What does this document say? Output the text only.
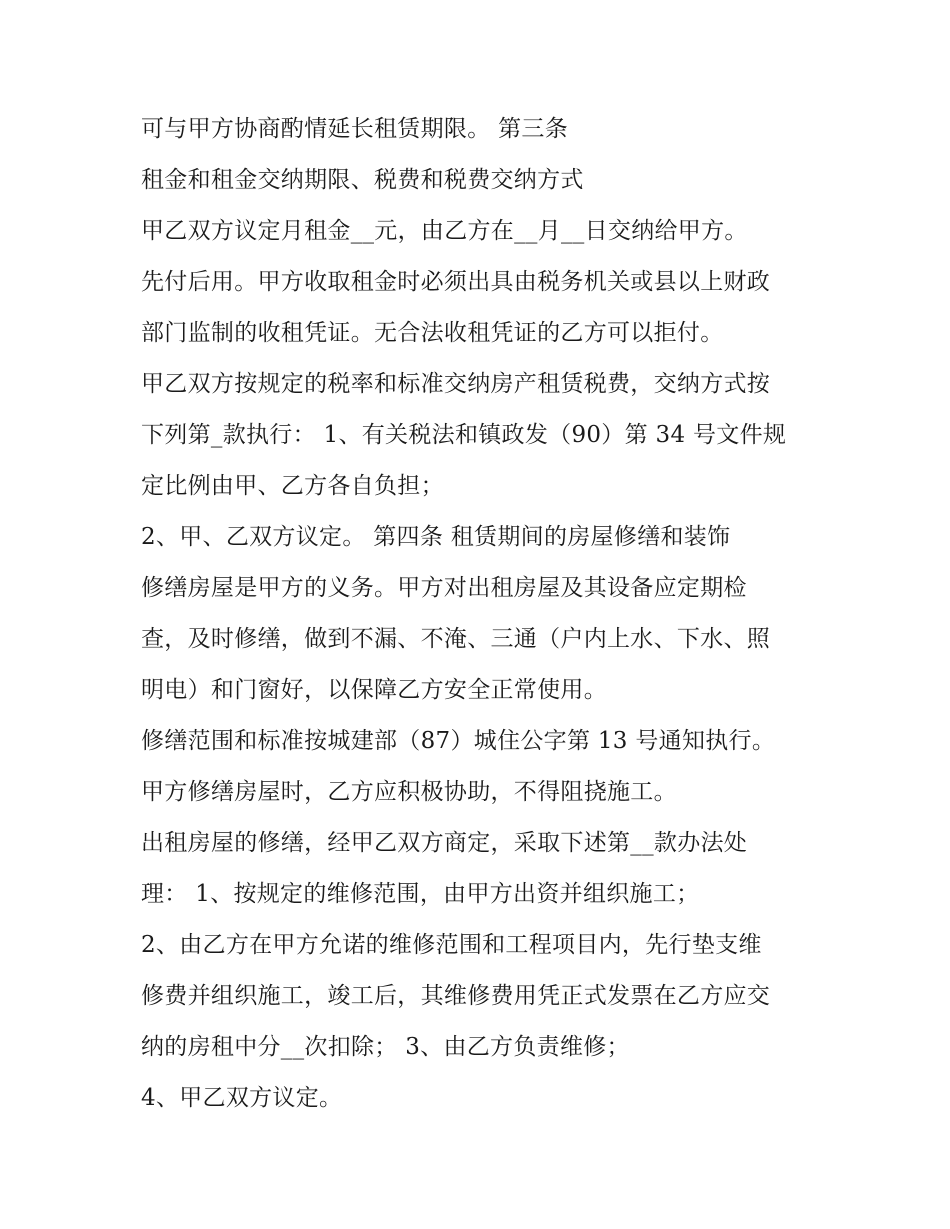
可与甲方协商酌情延长租赁期限。 第三条
租金和租金交纳期限、税费和税费交纳方式
甲乙双方议定月租金__元，由乙方在__月__日交纳给甲方。
先付后用。甲方收取租金时必须出具由税务机关或县以上财政
部门监制的收租凭证。无合法收租凭证的乙方可以拒付。
甲乙双方按规定的税率和标准交纳房产租赁税费，交纳方式按
下列第_款执行： 1、有关税法和镇政发（90）第 34 号文件规
定比例由甲、乙方各自负担；
2、甲、乙双方议定。 第四条 租赁期间的房屋修缮和装饰
修缮房屋是甲方的义务。甲方对出租房屋及其设备应定期检
查，及时修缮，做到不漏、不淹、三通（户内上水、下水、照
明电）和门窗好，以保障乙方安全正常使用。
修缮范围和标准按城建部（87）城住公字第 13 号通知执行。
甲方修缮房屋时，乙方应积极协助，不得阻挠施工。
出租房屋的修缮，经甲乙双方商定，采取下述第__款办法处
理： 1、按规定的维修范围，由甲方出资并组织施工；
2、由乙方在甲方允诺的维修范围和工程项目内，先行垫支维
修费并组织施工，竣工后，其维修费用凭正式发票在乙方应交
纳的房租中分__次扣除； 3、由乙方负责维修；
4、甲乙双方议定。
